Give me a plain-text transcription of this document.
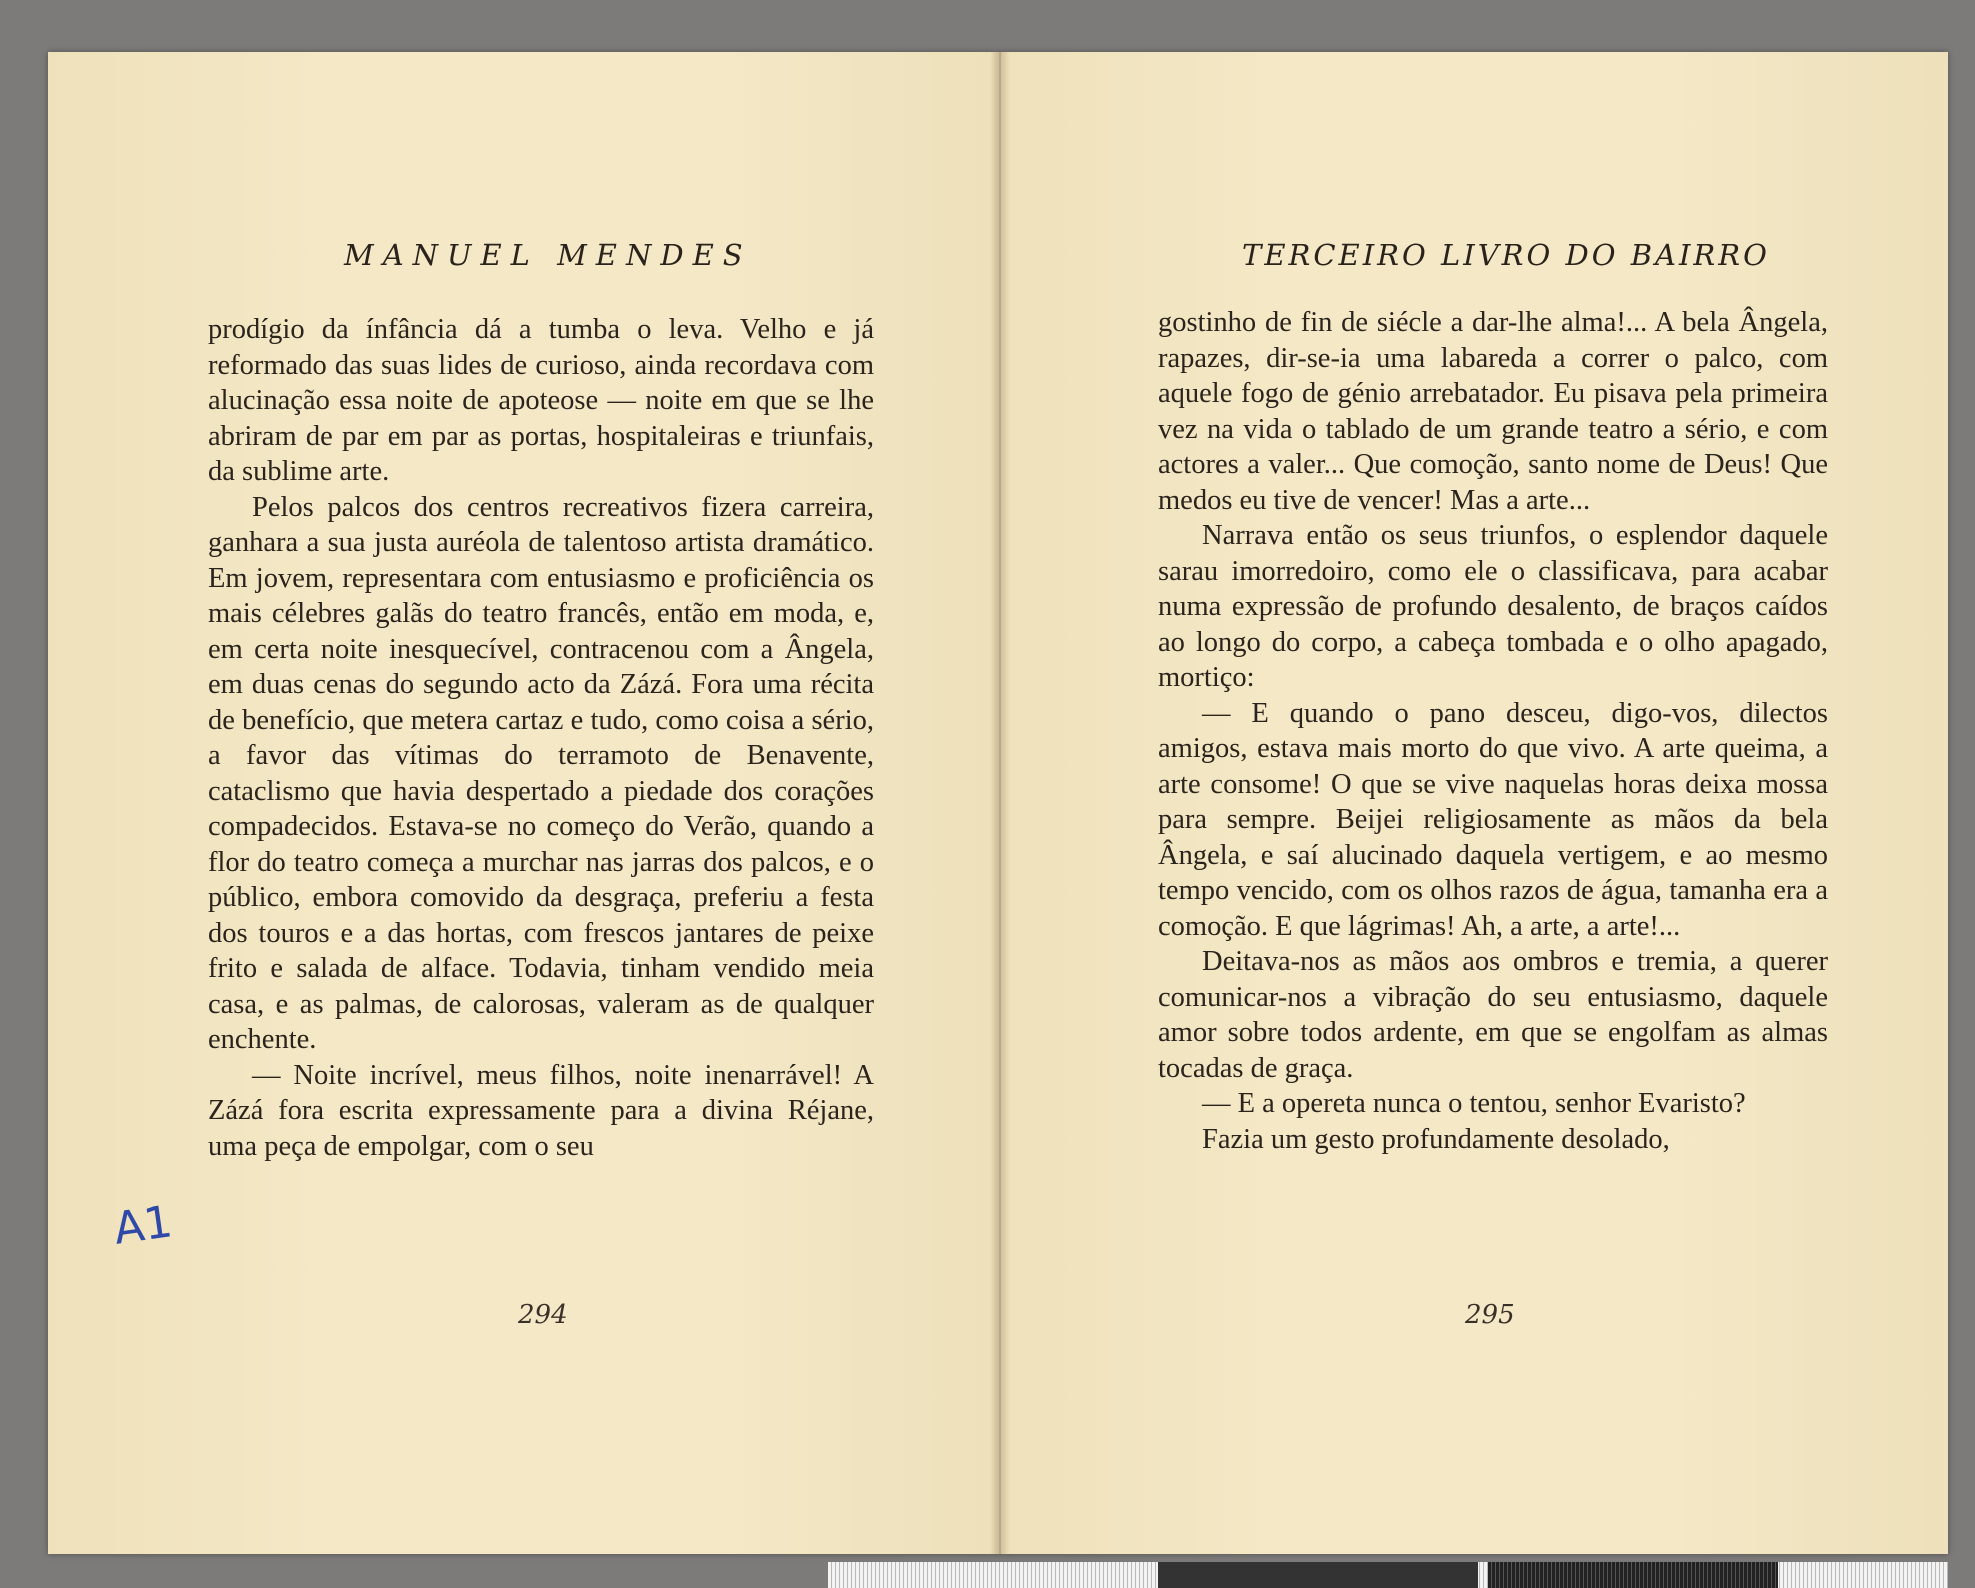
MANUEL MENDES

prodígio da ínfância dá a tumba o leva. Velho e já reformado das suas lides de curioso, ainda recordava com alucinação essa noite de apoteose — noite em que se lhe abriram de par em par as portas, hospitaleiras e triunfais, da sublime arte.

Pelos palcos dos centros recreativos fizera carreira, ganhara a sua justa auréola de talentoso artista dramático. Em jovem, representara com entusiasmo e proficiência os mais célebres galãs do teatro francês, então em moda, e, em certa noite inesquecível, contracenou com a Ângela, em duas cenas do segundo acto da Zázá. Fora uma récita de benefício, que metera cartaz e tudo, como coisa a sério, a favor das vítimas do terramoto de Benavente, cataclismo que havia despertado a piedade dos corações compadecidos. Estava-se no começo do Verão, quando a flor do teatro começa a murchar nas jarras dos palcos, e o público, embora comovido da desgraça, preferiu a festa dos touros e a das hortas, com frescos jantares de peixe frito e salada de alface. Todavia, tinham vendido meia casa, e as palmas, de calorosas, valeram as de qualquer enchente.

— Noite incrível, meus filhos, noite inenarrável! A Zázá fora escrita expressamente para a divina Réjane, uma peça de empolgar, com o seu

294
A1
TERCEIRO LIVRO DO BAIRRO

gostinho de fin de siécle a dar-lhe alma!... A bela Ângela, rapazes, dir-se-ia uma labareda a correr o palco, com aquele fogo de génio arrebatador. Eu pisava pela primeira vez na vida o tablado de um grande teatro a sério, e com actores a valer... Que comoção, santo nome de Deus! Que medos eu tive de vencer! Mas a arte...

Narrava então os seus triunfos, o esplendor daquele sarau imorredoiro, como ele o classificava, para acabar numa expressão de profundo desalento, de braços caídos ao longo do corpo, a cabeça tombada e o olho apagado, mortiço:

— E quando o pano desceu, digo-vos, dilectos amigos, estava mais morto do que vivo. A arte queima, a arte consome! O que se vive naquelas horas deixa mossa para sempre. Beijei religiosamente as mãos da bela Ângela, e saí alucinado daquela vertigem, e ao mesmo tempo vencido, com os olhos razos de água, tamanha era a comoção. E que lágrimas! Ah, a arte, a arte!...

Deitava-nos as mãos aos ombros e tremia, a querer comunicar-nos a vibração do seu entusiasmo, daquele amor sobre todos ardente, em que se engolfam as almas tocadas de graça.

— E a opereta nunca o tentou, senhor Evaristo?

Fazia um gesto profundamente desolado,

295
